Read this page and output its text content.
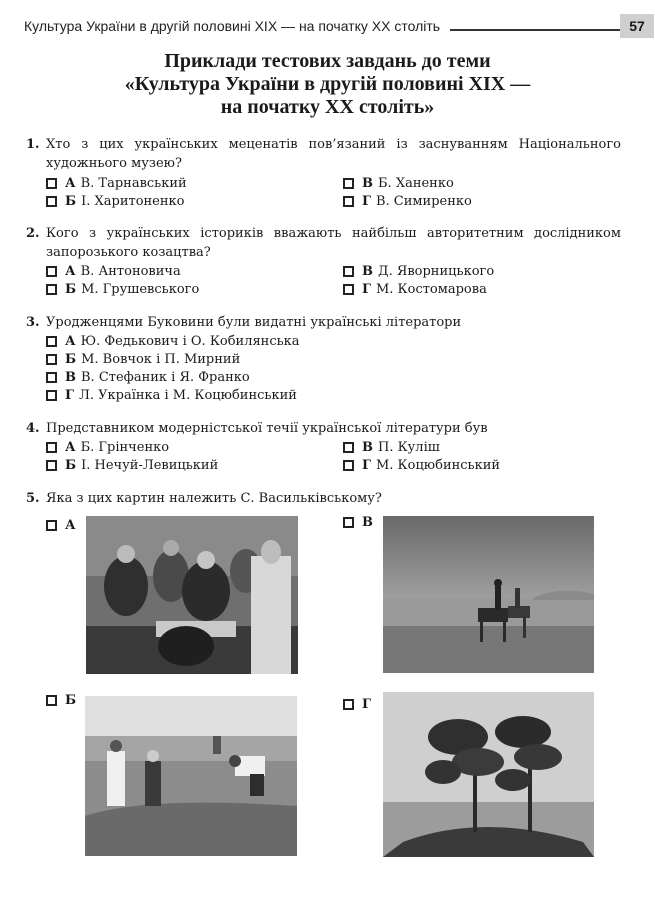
Культура України в другій половині ХІХ — на початку ХХ століть	57
Приклади тестових завдань до теми
«Культура України в другій половині ХІХ —
на початку ХХ століть»
1. Хто з цих українських меценатів пов’язаний із заснуванням Національного художнього музею?
А В. Тарнавський
Б І. Харитоненко
В Б. Ханенко
Г В. Симиренко
2. Кого з українських істориків вважають найбільш авторитетним дослідником запорозького козацтва?
А В. Антоновича
Б М. Грушевського
В Д. Яворницького
Г М. Костомарова
3. Уродженцями Буковини були видатні українські літератори
А Ю. Федькович і О. Кобилянська
Б М. Вовчок і П. Мирний
В В. Стефаник і Я. Франко
Г Л. Українка і М. Коцюбинський
4. Представником модерністської течії української літератури був
А Б. Грінченко
Б І. Нечуй-Левицький
В П. Куліш
Г М. Коцюбинський
5. Яка з цих картин належить С. Васильківському?
А	В
Б	Г
